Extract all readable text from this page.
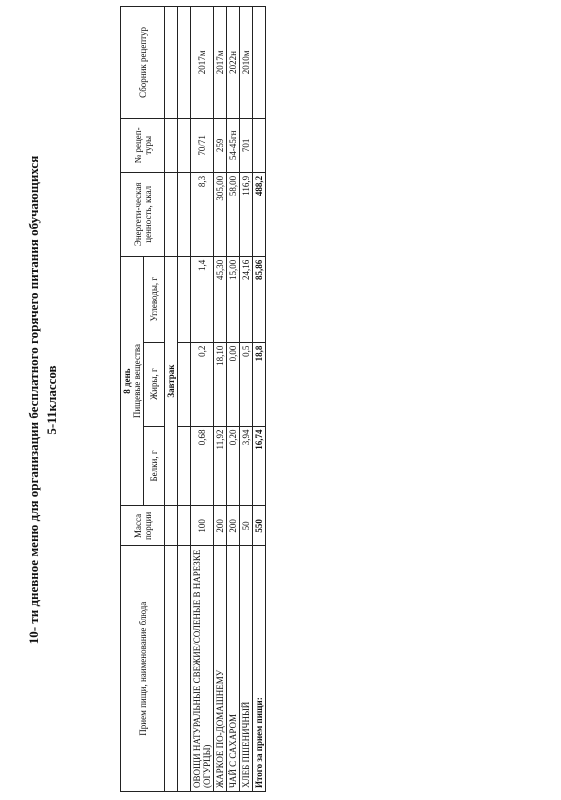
10- ти дневное меню для организации бесплатного горячего питания обучающихся 5-11классов
Прием пищи, наименование блюда	Масса порции	8 день Пищевые вещества			Энергети-ческая ценность, ккал	№ рецеп-туры	Сборник рецептур
		Белки, г	Жиры, г	Углеводы, г			
		Завтрак					

ОВОЩИ НАТУРАЛЬНЫЕ СВЕЖИЕ/СОЛЕНЫЕ В НАРЕЗКЕ (ОГУРЦЫ)	100	0,68	0,2	1,4	8,3	70/71	2017м
ЖАРКОЕ ПО-ДОМАШНЕМУ	200	11,92	18,10	45,30	305,00	259	2017м
ЧАЙ С САХАРОМ	200	0,20	0,00	15,00	58,00	54-45гн	2022н
ХЛЕБ ПШЕНИЧНЫЙ	50	3,94	0,5	24,16	116,9	701	2010м
Итого за прием пищи:	550	16,74	18,8	85,86	488,2		
